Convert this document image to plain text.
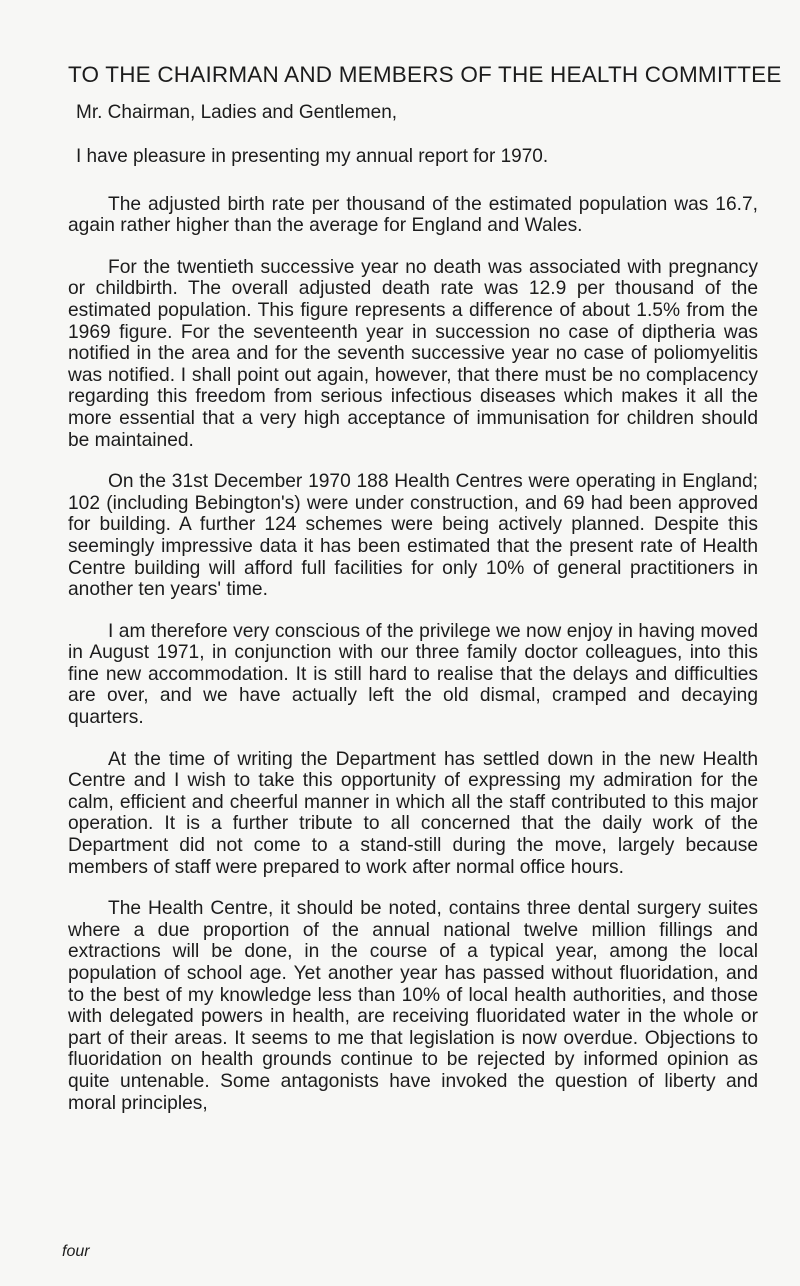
TO THE CHAIRMAN AND MEMBERS OF THE HEALTH COMMITTEE
Mr. Chairman, Ladies and Gentlemen,

I have pleasure in presenting my annual report for 1970.

The adjusted birth rate per thousand of the estimated population was 16.7, again rather higher than the average for England and Wales.

For the twentieth successive year no death was associated with pregnancy or childbirth. The overall adjusted death rate was 12.9 per thousand of the estimated population. This figure represents a difference of about 1.5% from the 1969 figure. For the seventeenth year in succession no case of diptheria was notified in the area and for the seventh successive year no case of poliomyelitis was notified. I shall point out again, however, that there must be no complacency regarding this freedom from serious infectious diseases which makes it all the more essential that a very high acceptance of immunisation for children should be maintained.

On the 31st December 1970 188 Health Centres were operating in England; 102 (including Bebington's) were under construction, and 69 had been approved for building. A further 124 schemes were being actively planned. Despite this seemingly impressive data it has been estimated that the present rate of Health Centre building will afford full facilities for only 10% of general practitioners in another ten years' time.

I am therefore very conscious of the privilege we now enjoy in having moved in August 1971, in conjunction with our three family doctor colleagues, into this fine new accommodation. It is still hard to realise that the delays and difficulties are over, and we have actually left the old dismal, cramped and decaying quarters.

At the time of writing the Department has settled down in the new Health Centre and I wish to take this opportunity of expressing my admiration for the calm, efficient and cheerful manner in which all the staff contributed to this major operation. It is a further tribute to all concerned that the daily work of the Department did not come to a stand-still during the move, largely because members of staff were prepared to work after normal office hours.

The Health Centre, it should be noted, contains three dental surgery suites where a due proportion of the annual national twelve million fillings and extractions will be done, in the course of a typical year, among the local population of school age. Yet another year has passed without fluoridation, and to the best of my knowledge less than 10% of local health authorities, and those with delegated powers in health, are receiving fluoridated water in the whole or part of their areas. It seems to me that legislation is now overdue. Objections to fluoridation on health grounds continue to be rejected by informed opinion as quite untenable. Some antagonists have invoked the question of liberty and moral principles,

four
